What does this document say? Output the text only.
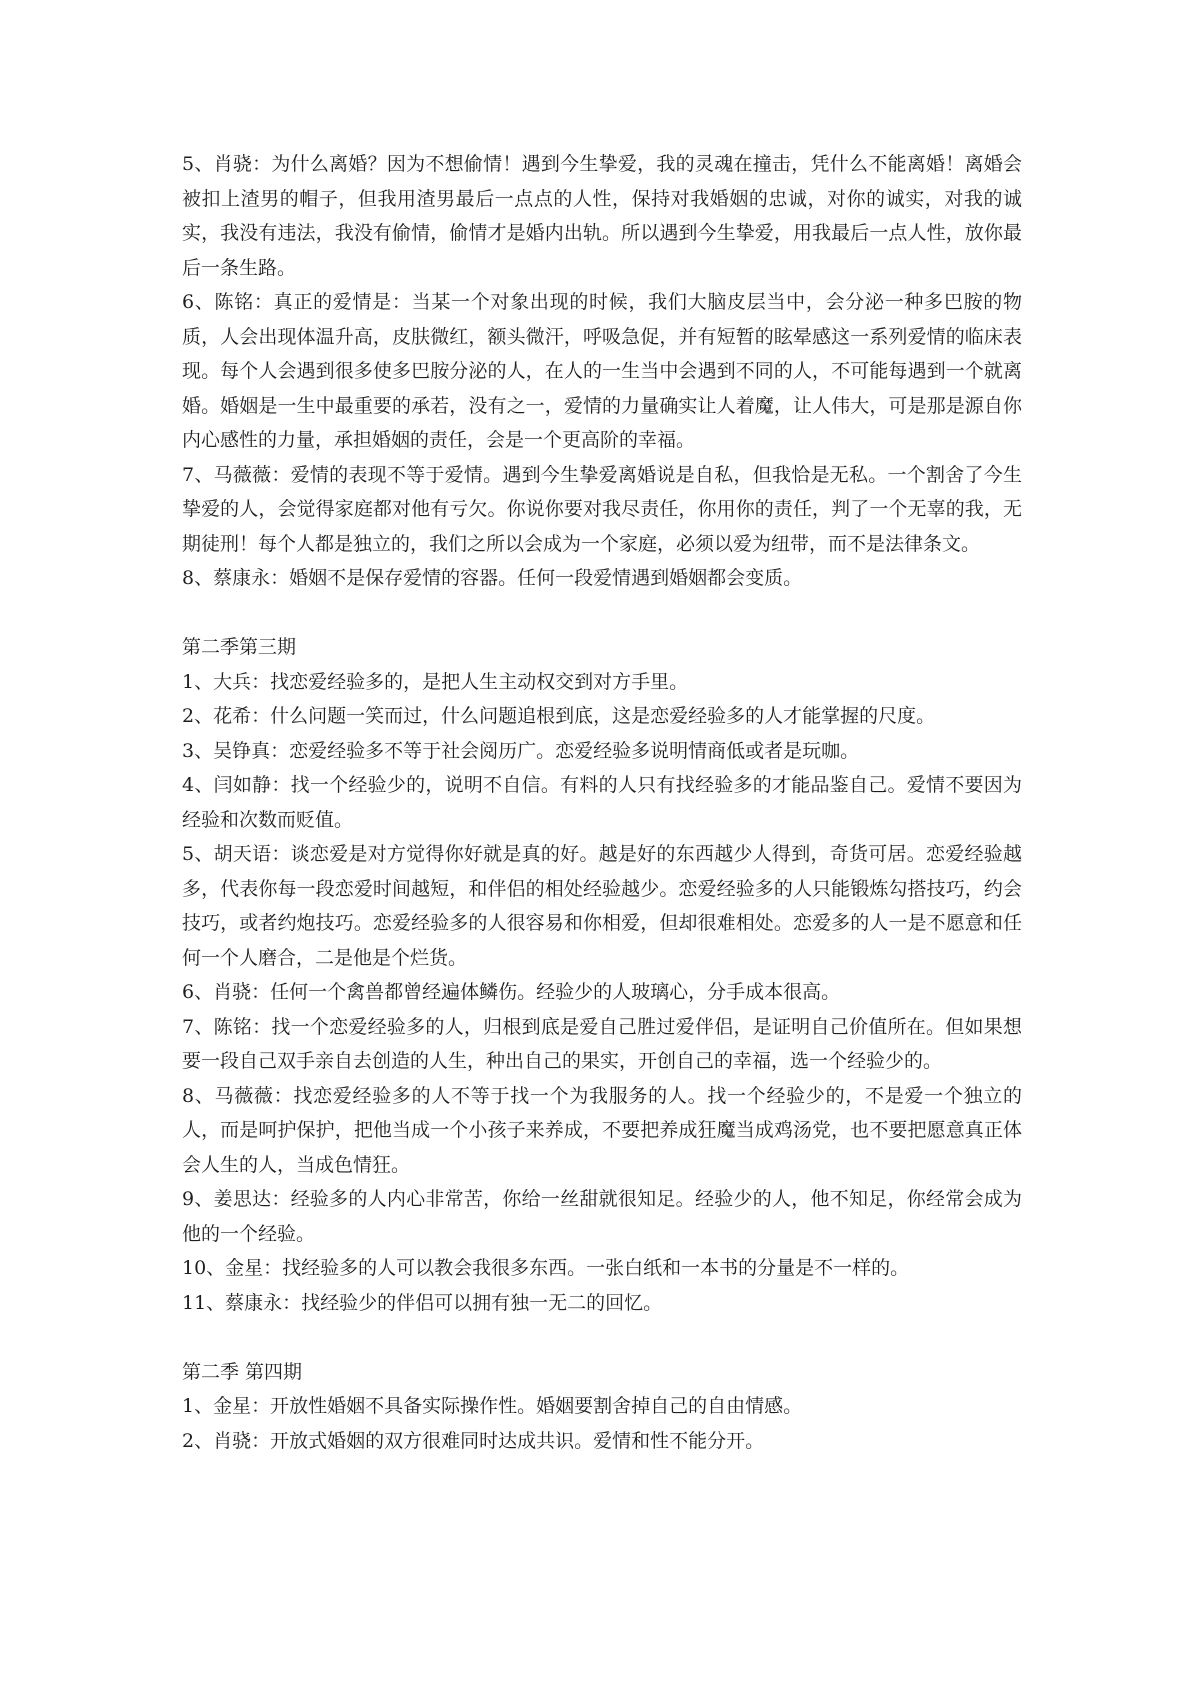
5、肖骁：为什么离婚？因为不想偷情！遇到今生挚爱，我的灵魂在撞击，凭什么不能离婚！离婚会被扣上渣男的帽子，但我用渣男最后一点点的人性，保持对我婚姻的忠诚，对你的诚实，对我的诚实，我没有违法，我没有偷情，偷情才是婚内出轨。所以遇到今生挚爱，用我最后一点人性，放你最后一条生路。

6、陈铭：真正的爱情是：当某一个对象出现的时候，我们大脑皮层当中，会分泌一种多巴胺的物质，人会出现体温升高，皮肤微红，额头微汗，呼吸急促，并有短暂的眩晕感这一系列爱情的临床表现。每个人会遇到很多使多巴胺分泌的人，在人的一生当中会遇到不同的人，不可能每遇到一个就离婚。婚姻是一生中最重要的承若，没有之一，爱情的力量确实让人着魔，让人伟大，可是那是源自你内心感性的力量，承担婚姻的责任，会是一个更高阶的幸福。

7、马薇薇：爱情的表现不等于爱情。遇到今生挚爱离婚说是自私，但我恰是无私。一个割舍了今生挚爱的人，会觉得家庭都对他有亏欠。你说你要对我尽责任，你用你的责任，判了一个无辜的我，无期徒刑！每个人都是独立的，我们之所以会成为一个家庭，必须以爱为纽带，而不是法律条文。

8、蔡康永：婚姻不是保存爱情的容器。任何一段爱情遇到婚姻都会变质。

第二季第三期

1、大兵：找恋爱经验多的，是把人生主动权交到对方手里。

2、花希：什么问题一笑而过，什么问题追根到底，这是恋爱经验多的人才能掌握的尺度。

3、吴铮真：恋爱经验多不等于社会阅历广。恋爱经验多说明情商低或者是玩咖。

4、闫如静：找一个经验少的，说明不自信。有料的人只有找经验多的才能品鉴自己。爱情不要因为经验和次数而贬值。

5、胡天语：谈恋爱是对方觉得你好就是真的好。越是好的东西越少人得到，奇货可居。恋爱经验越多，代表你每一段恋爱时间越短，和伴侣的相处经验越少。恋爱经验多的人只能锻炼勾搭技巧，约会技巧，或者约炮技巧。恋爱经验多的人很容易和你相爱，但却很难相处。恋爱多的人一是不愿意和任何一个人磨合，二是他是个烂货。

6、肖骁：任何一个禽兽都曾经遍体鳞伤。经验少的人玻璃心，分手成本很高。

7、陈铭：找一个恋爱经验多的人，归根到底是爱自己胜过爱伴侣，是证明自己价值所在。但如果想要一段自己双手亲自去创造的人生，种出自己的果实，开创自己的幸福，选一个经验少的。

8、马薇薇：找恋爱经验多的人不等于找一个为我服务的人。找一个经验少的，不是爱一个独立的人，而是呵护保护，把他当成一个小孩子来养成，不要把养成狂魔当成鸡汤党，也不要把愿意真正体会人生的人，当成色情狂。

9、姜思达：经验多的人内心非常苦，你给一丝甜就很知足。经验少的人，他不知足，你经常会成为他的一个经验。

10、金星：找经验多的人可以教会我很多东西。一张白纸和一本书的分量是不一样的。

11、蔡康永：找经验少的伴侣可以拥有独一无二的回忆。

第二季 第四期

1、金星：开放性婚姻不具备实际操作性。婚姻要割舍掉自己的自由情感。

2、肖骁：开放式婚姻的双方很难同时达成共识。爱情和性不能分开。
